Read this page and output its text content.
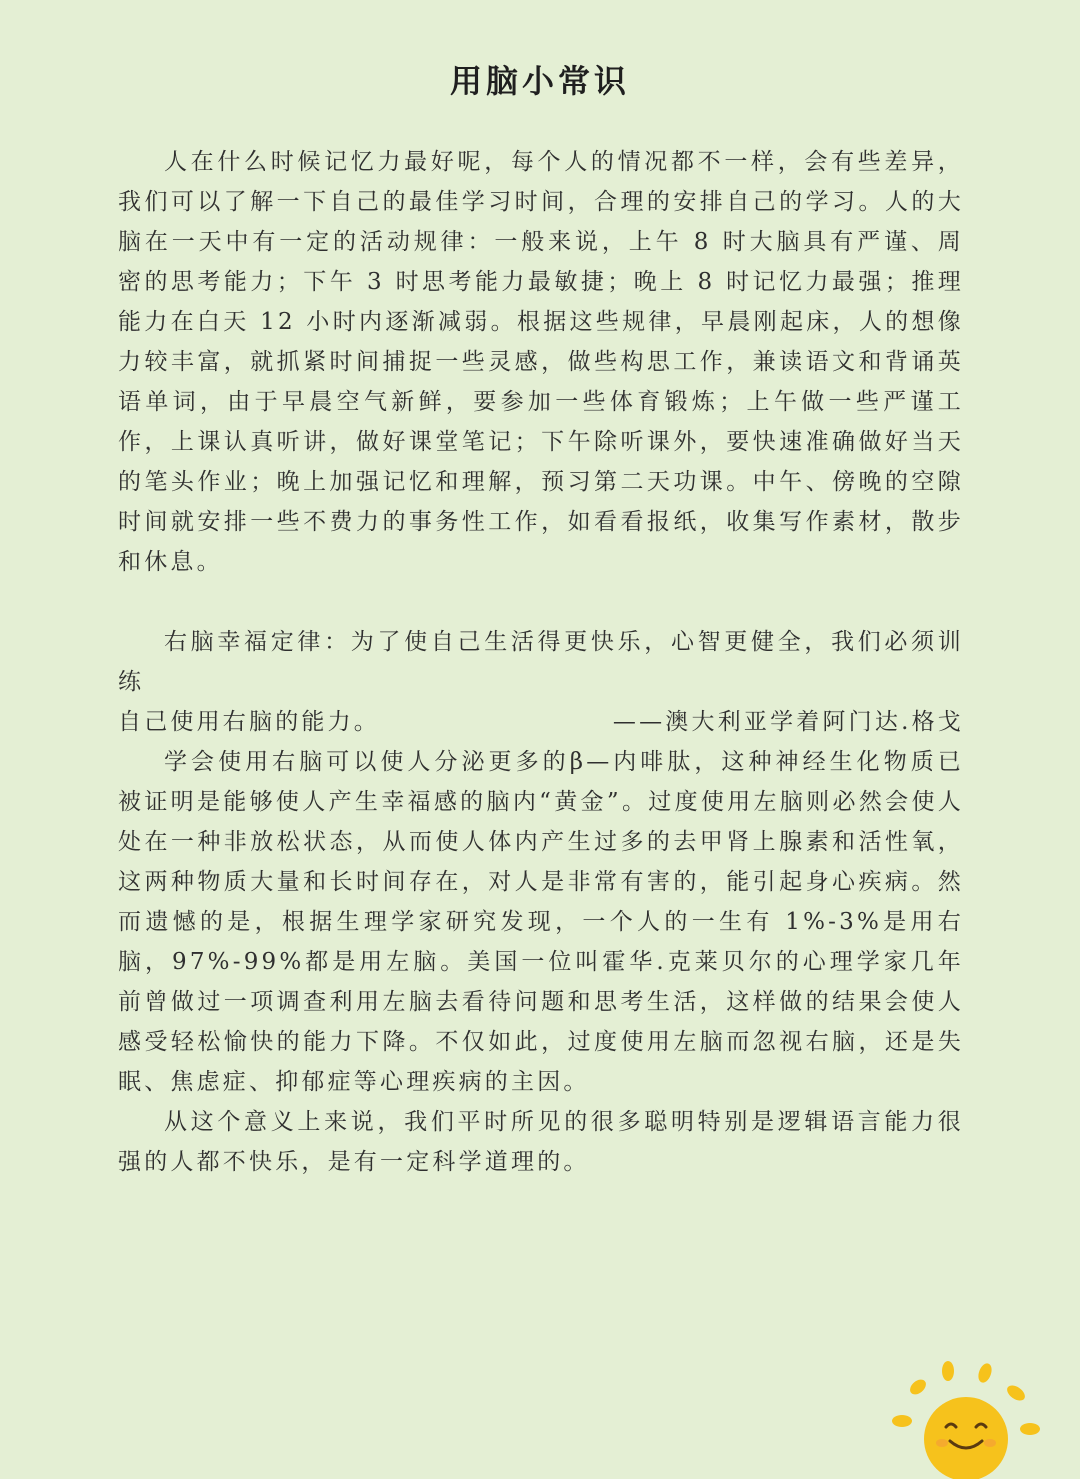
用脑小常识

人在什么时候记忆力最好呢，每个人的情况都不一样，会有些差异，我们可以了解一下自己的最佳学习时间，合理的安排自己的学习。人的大脑在一天中有一定的活动规律：一般来说，上午 8 时大脑具有严谨、周密的思考能力；下午 3 时思考能力最敏捷；晚上 8 时记忆力最强；推理能力在白天 12 小时内逐渐减弱。根据这些规律，早晨刚起床，人的想像力较丰富，就抓紧时间捕捉一些灵感，做些构思工作，兼读语文和背诵英语单词，由于早晨空气新鲜，要参加一些体育锻炼；上午做一些严谨工作，上课认真听讲，做好课堂笔记；下午除听课外，要快速准确做好当天的笔头作业；晚上加强记忆和理解，预习第二天功课。中午、傍晚的空隙时间就安排一些不费力的事务性工作，如看看报纸，收集写作素材，散步和休息。

右脑幸福定律：为了使自己生活得更快乐，心智更健全，我们必须训练

自己使用右脑的能力。	——澳大利亚学着阿门达.格戈

学会使用右脑可以使人分泌更多的β—内啡肽，这种神经生化物质已被证明是能够使人产生幸福感的脑内“黄金”。过度使用左脑则必然会使人处在一种非放松状态，从而使人体内产生过多的去甲肾上腺素和活性氧，这两种物质大量和长时间存在，对人是非常有害的，能引起身心疾病。然而遗憾的是，根据生理学家研究发现，一个人的一生有 1%-3%是用右脑，97%-99%都是用左脑。美国一位叫霍华.克莱贝尔的心理学家几年前曾做过一项调查利用左脑去看待问题和思考生活，这样做的结果会使人感受轻松愉快的能力下降。不仅如此，过度使用左脑而忽视右脑，还是失眠、焦虑症、抑郁症等心理疾病的主因。

从这个意义上来说，我们平时所见的很多聪明特别是逻辑语言能力很强的人都不快乐，是有一定科学道理的。
